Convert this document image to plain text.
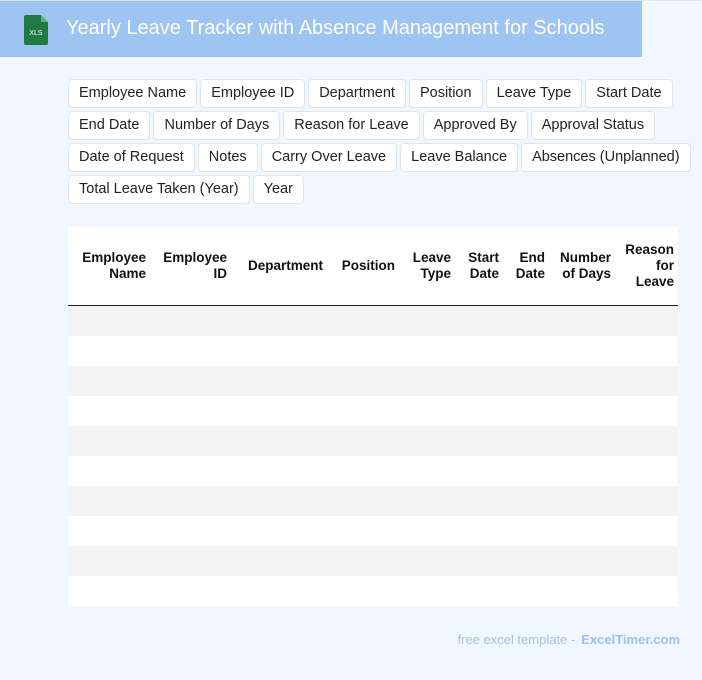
XLS Yearly Leave Tracker with Absence Management for Schools
Employee Name	Employee ID	Department	Position	Leave Type	Start Date
End Date	Number of Days	Reason for Leave	Approved By	Approval Status
Date of Request	Notes	Carry Over Leave	Leave Balance	Absences (Unplanned)
Total Leave Taken (Year)	Year
Employee Name	Employee ID	Department	Position	Leave Type	Start Date	End Date	Number of Days	Reason for Leave

free excel template - ExcelTimer.com
